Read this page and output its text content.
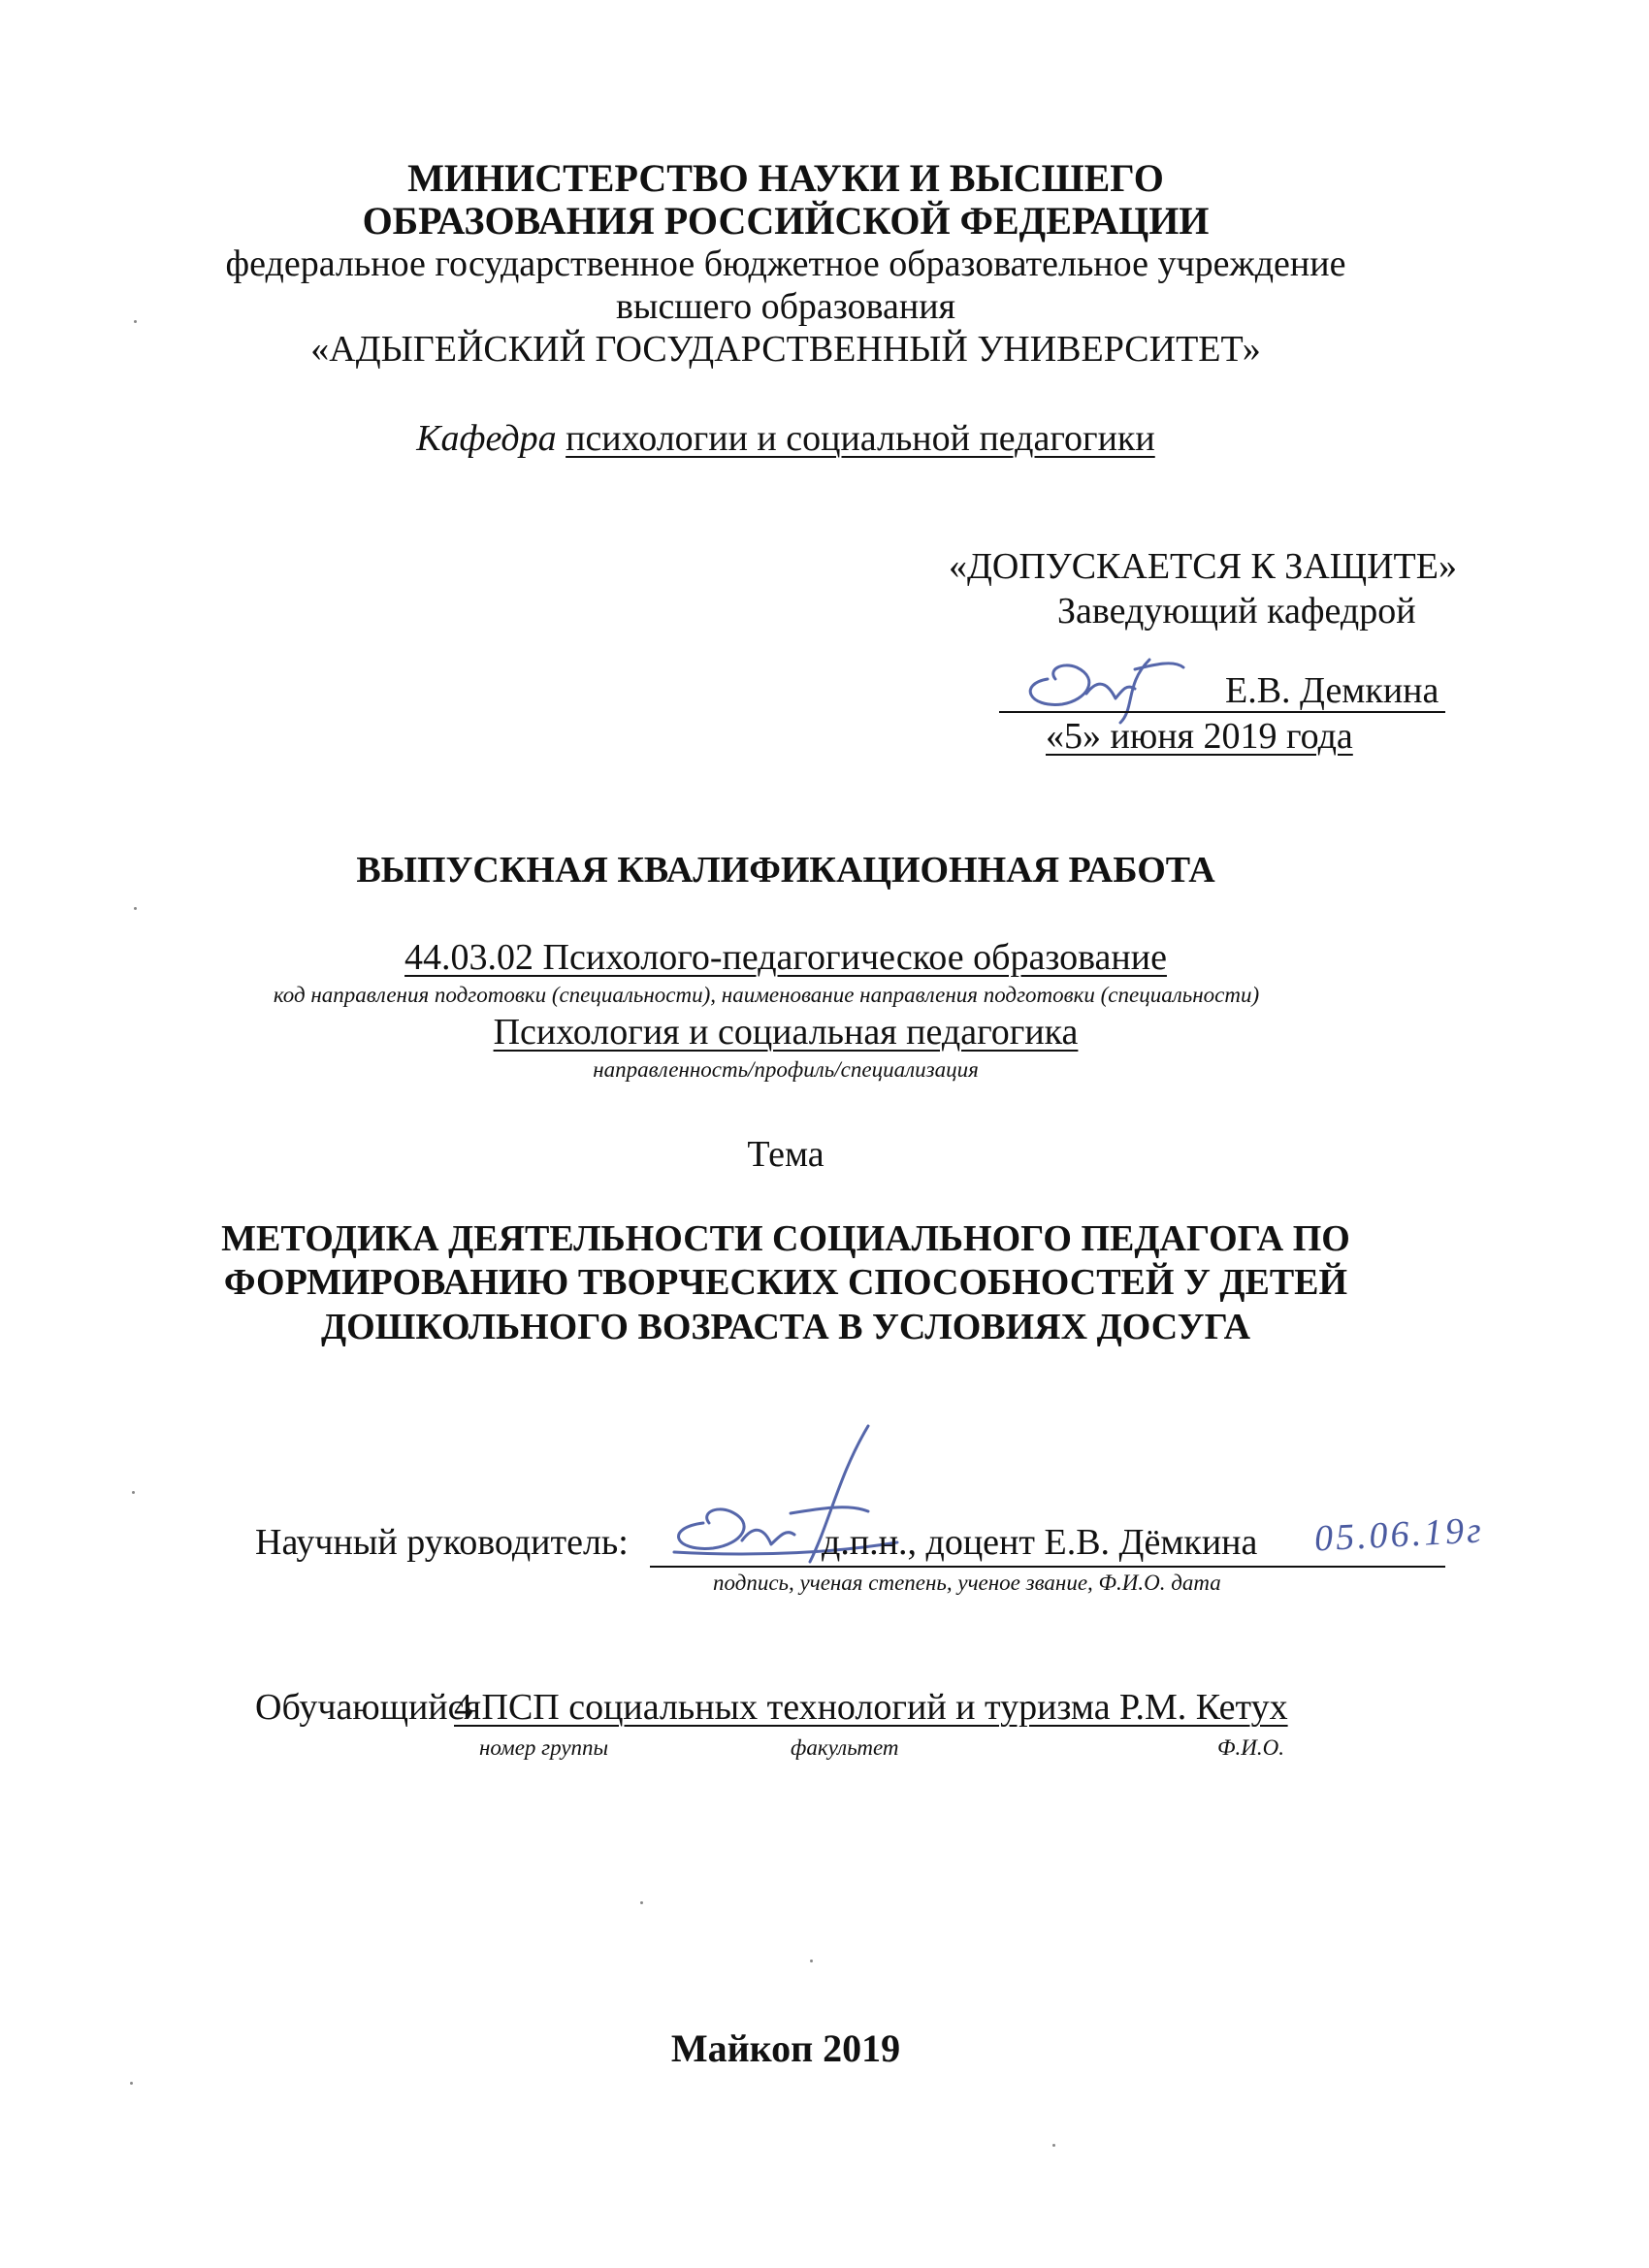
МИНИСТЕРСТВО НАУКИ И ВЫСШЕГО
ОБРАЗОВАНИЯ РОССИЙСКОЙ ФЕДЕРАЦИИ
федеральное государственное бюджетное образовательное учреждение
высшего образования
«АДЫГЕЙСКИЙ ГОСУДАРСТВЕННЫЙ УНИВЕРСИТЕТ»
Кафедра психологии и социальной педагогики
«ДОПУСКАЕТСЯ К ЗАЩИТЕ»
Заведующий кафедрой
Е.В. Демкина
«5» июня 2019 года
ВЫПУСКНАЯ КВАЛИФИКАЦИОННАЯ РАБОТА
44.03.02 Психолого-педагогическое образование
код направления подготовки (специальности), наименование направления подготовки (специальности)
Психология и социальная педагогика
направленность/профиль/специализация
Тема
МЕТОДИКА ДЕЯТЕЛЬНОСТИ СОЦИАЛЬНОГО ПЕДАГОГА ПО
ФОРМИРОВАНИЮ ТВОРЧЕСКИХ СПОСОБНОСТЕЙ У ДЕТЕЙ
ДОШКОЛЬНОГО ВОЗРАСТА В УСЛОВИЯХ ДОСУГА
Научный руководитель:	д.п.н., доцент Е.В. Дёмкина 05.06.19г
подпись, ученая степень, ученое звание, Ф.И.О. дата
Обучающийся
4 ПСП социальных технологий и туризма Р.М. Кетух
номер группы	факультет	Ф.И.О.
Майкоп 2019
